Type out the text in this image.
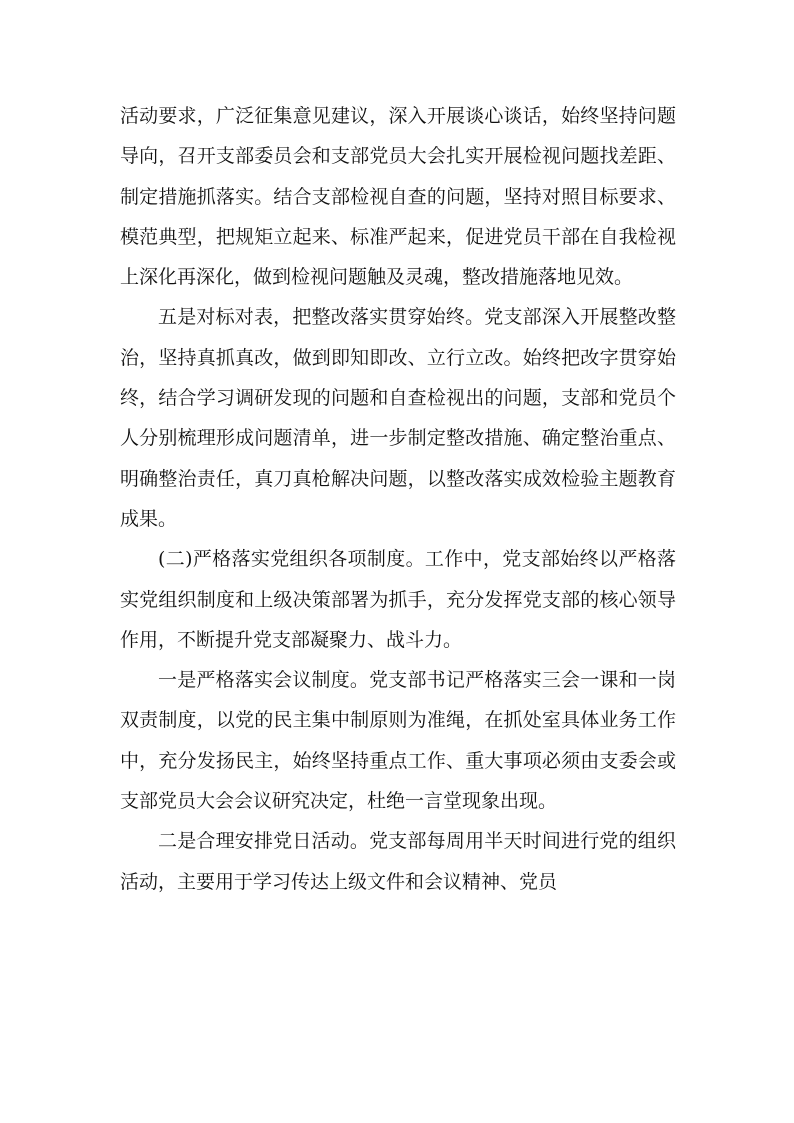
活动要求，广泛征集意见建议，深入开展谈心谈话，始终坚持问题导向，召开支部委员会和支部党员大会扎实开展检视问题找差距、制定措施抓落实。结合支部检视自查的问题，坚持对照目标要求、模范典型，把规矩立起来、标准严起来，促进党员干部在自我检视上深化再深化，做到检视问题触及灵魂，整改措施落地见效。

五是对标对表，把整改落实贯穿始终。党支部深入开展整改整治，坚持真抓真改，做到即知即改、立行立改。始终把改字贯穿始终，结合学习调研发现的问题和自查检视出的问题，支部和党员个人分别梳理形成问题清单，进一步制定整改措施、确定整治重点、明确整治责任，真刀真枪解决问题，以整改落实成效检验主题教育成果。

(二)严格落实党组织各项制度。工作中，党支部始终以严格落实党组织制度和上级决策部署为抓手，充分发挥党支部的核心领导作用，不断提升党支部凝聚力、战斗力。

一是严格落实会议制度。党支部书记严格落实三会一课和一岗双责制度，以党的民主集中制原则为准绳，在抓处室具体业务工作中，充分发扬民主，始终坚持重点工作、重大事项必须由支委会或支部党员大会会议研究决定，杜绝一言堂现象出现。

二是合理安排党日活动。党支部每周用半天时间进行党的组织活动，主要用于学习传达上级文件和会议精神、党员
